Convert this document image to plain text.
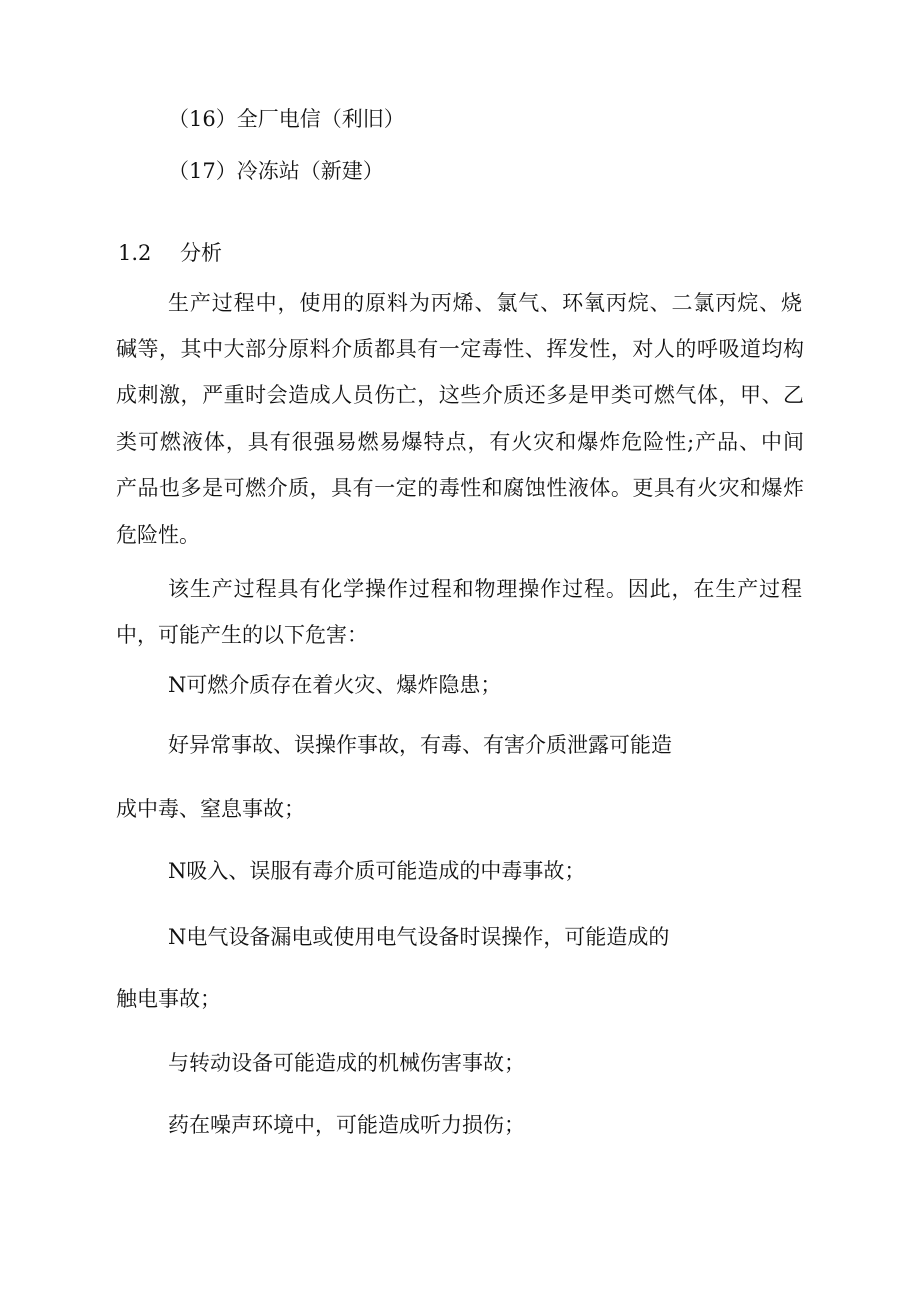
（16）全厂电信（利旧）

（17）冷冻站（新建）

1.2 分析

生产过程中，使用的原料为丙烯、氯气、环氧丙烷、二氯丙烷、烧

碱等，其中大部分原料介质都具有一定毒性、挥发性，对人的呼吸道均构

成刺激，严重时会造成人员伤亡，这些介质还多是甲类可燃气体，甲、乙

类可燃液体，具有很强易燃易爆特点，有火灾和爆炸危险性;产品、中间

产品也多是可燃介质，具有一定的毒性和腐蚀性液体。更具有火灾和爆炸

危险性。

该生产过程具有化学操作过程和物理操作过程。因此，在生产过程

中，可能产生的以下危害：

N可燃介质存在着火灾、爆炸隐患；

好异常事故、误操作事故，有毒、有害介质泄露可能造

成中毒、窒息事故；

N吸入、误服有毒介质可能造成的中毒事故；

N电气设备漏电或使用电气设备时误操作，可能造成的

触电事故；

与转动设备可能造成的机械伤害事故；

药在噪声环境中，可能造成听力损伤；
